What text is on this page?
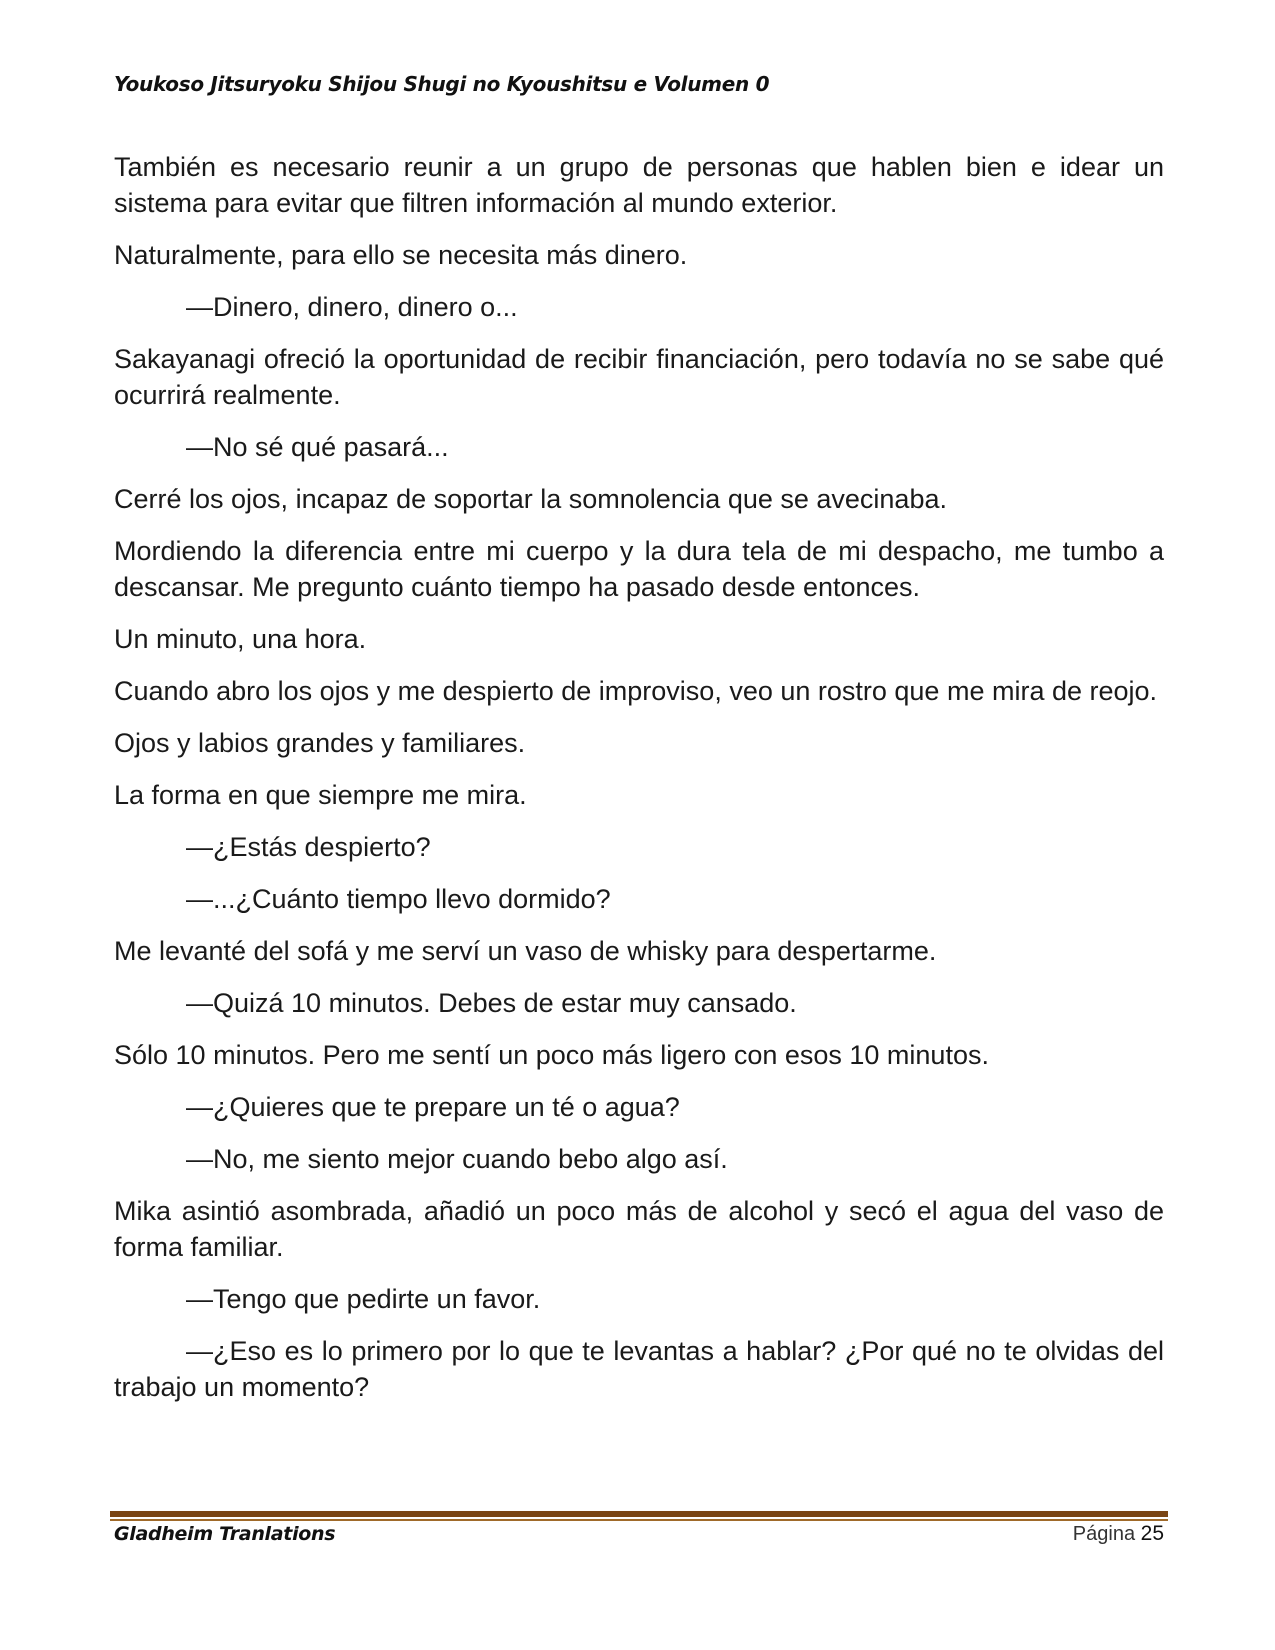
Youkoso Jitsuryoku Shijou Shugi no Kyoushitsu e Volumen 0

También es necesario reunir a un grupo de personas que hablen bien e idear un sistema para evitar que filtren información al mundo exterior.

Naturalmente, para ello se necesita más dinero.

—Dinero, dinero, dinero o...

Sakayanagi ofreció la oportunidad de recibir financiación, pero todavía no se sabe qué ocurrirá realmente.

—No sé qué pasará...

Cerré los ojos, incapaz de soportar la somnolencia que se avecinaba.

Mordiendo la diferencia entre mi cuerpo y la dura tela de mi despacho, me tumbo a descansar. Me pregunto cuánto tiempo ha pasado desde entonces.

Un minuto, una hora.

Cuando abro los ojos y me despierto de improviso, veo un rostro que me mira de reojo.

Ojos y labios grandes y familiares.

La forma en que siempre me mira.

—¿Estás despierto?

—...¿Cuánto tiempo llevo dormido?

Me levanté del sofá y me serví un vaso de whisky para despertarme.

—Quizá 10 minutos. Debes de estar muy cansado.

Sólo 10 minutos. Pero me sentí un poco más ligero con esos 10 minutos.

—¿Quieres que te prepare un té o agua?

—No, me siento mejor cuando bebo algo así.

Mika asintió asombrada, añadió un poco más de alcohol y secó el agua del vaso de forma familiar.

—Tengo que pedirte un favor.

—¿Eso es lo primero por lo que te levantas a hablar? ¿Por qué no te olvidas del trabajo un momento?

Gladheim Tranlations	Página 25
